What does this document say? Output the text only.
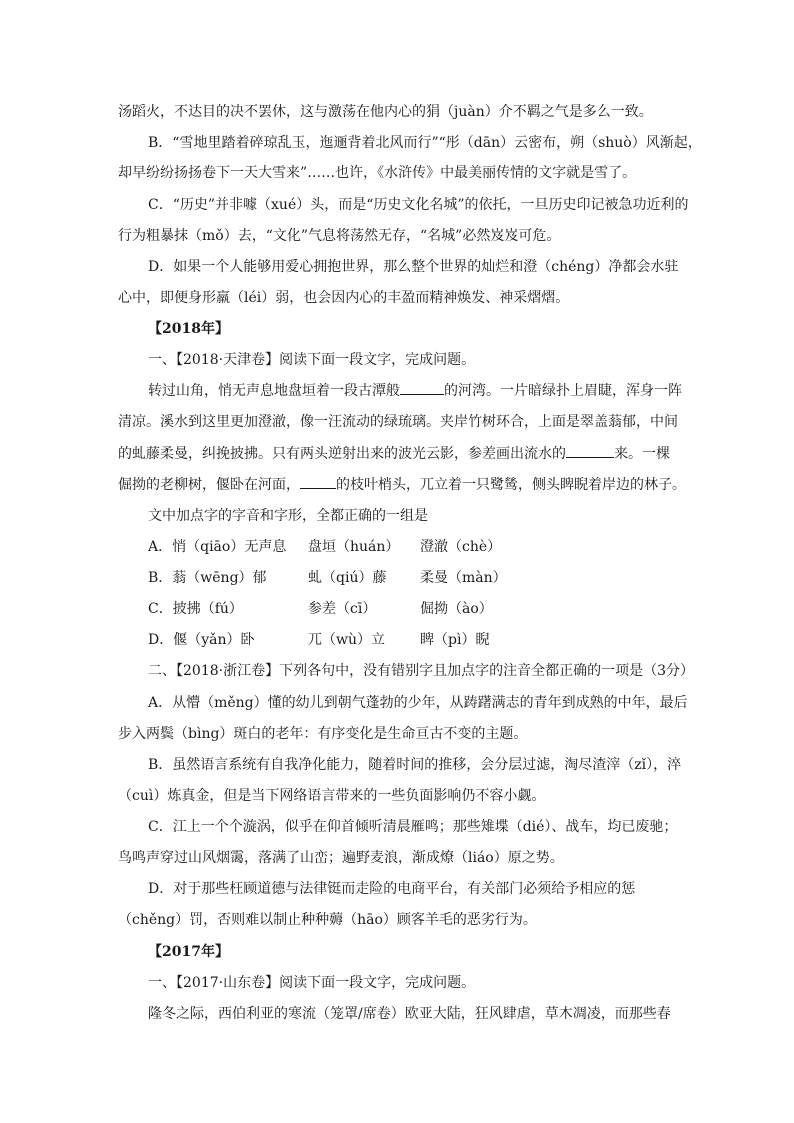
汤蹈火，不达目的决不罢休，这与激荡在他内心的狷（juàn）介不羁之气是多么一致。
B．“雪地里踏着碎琼乱玉，迤逦背着北风而行”“彤（dān）云密布，朔（shuò）风渐起，
却早纷纷扬扬卷下一天大雪来”……也许，《水浒传》中最美丽传情的文字就是雪了。
C．“历史”并非噱（xué）头，而是“历史文化名城”的依托，一旦历史印记被急功近利的
行为粗暴抹（mǒ）去，“文化”气息将荡然无存，“名城”必然岌岌可危。
D．如果一个人能够用爱心拥抱世界，那么整个世界的灿烂和澄（chéng）净都会水驻
心中，即便身形羸（léi）弱，也会因内心的丰盈而精神焕发、神采熠熠。
【2018年】
一、【2018·天津卷】阅读下面一段文字，完成问题。
转过山角，悄无声息地盘垣着一段古潭般	的河湾。一片暗绿扑上眉睫，浑身一阵
清凉。溪水到这里更加澄澈，像一汪流动的绿琉璃。夹岸竹树环合，上面是翠盖蓊郁，中间
的虬藤柔曼，纠挽披拂。只有两头逆射出来的波光云影，参差画出流水的	来。一棵
倔拗的老柳树，偃卧在河面，	的枝叶梢头，兀立着一只鹭鸶，侧头睥睨着岸边的林子。
文中加点字的字音和字形，全都正确的一组是
A．悄（qiāo）无声息	盘垣（huán）	澄澈（chè）
B．蓊（wēng）郁	虬（qiú）藤	柔曼（màn）
C．披拂（fú）	参差（cī）	倔拗（ào）
D．偃（yǎn）卧	兀（wù）立	睥（pì）睨
二、【2018·浙江卷】下列各句中，没有错别字且加点字的注音全都正确的一项是（3分）
A．从懵（měng）懂的幼儿到朝气蓬勃的少年，从踌躇满志的青年到成熟的中年，最后
步入两鬓（bìng）斑白的老年：有序变化是生命亘古不变的主题。
B．虽然语言系统有自我净化能力，随着时间的推移，会分层过滤，淘尽渣滓（zǐ），淬
（cuì）炼真金，但是当下网络语言带来的一些负面影响仍不容小觑。
C．江上一个个漩涡，似乎在仰首倾听清晨雁鸣；那些雉堞（dié）、战车，均已废驰；
鸟鸣声穿过山风烟霭，落满了山峦；遍野麦浪，渐成燎（liáo）原之势。
D．对于那些枉顾道德与法律铤而走险的电商平台，有关部门必须给予相应的惩
（chěng）罚，否则难以制止种种薅（hāo）顾客羊毛的恶劣行为。
【2017年】
一、【2017·山东卷】阅读下面一段文字，完成问题。
隆冬之际，西伯利亚的寒流（笼罩/席卷）欧亚大陆，狂风肆虐，草木凋凌，而那些春
